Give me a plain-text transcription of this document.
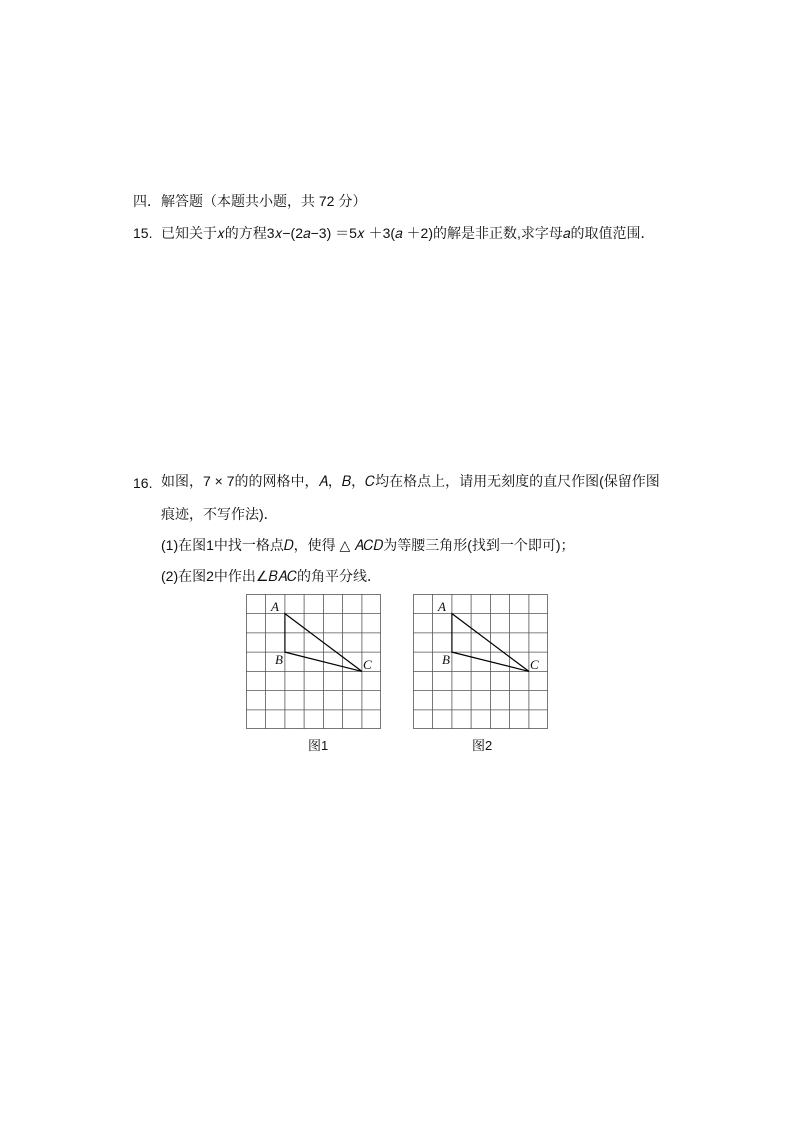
四．解答题（本题共小题，共 72 分）
15. 已知关于𝑥的方程3𝑥−(2𝑎−3) ＝5𝑥 ＋3(𝑎 ＋2)的解是非正数,求字母𝑎的取值范围．
16. 如图，7 × 7的的网格中，𝐴，𝐵，𝐶均在格点上，请用无刻度的直尺作图(保留作图
痕迹，不写作法)．
(1)在图1中找一格点𝐷，使得 △ 𝐴𝐶𝐷为等腰三角形(找到一个即可)；
(2)在图2中作出∠𝐵𝐴𝐶的角平分线．
A
B	C
图1
A
B	C
图2
